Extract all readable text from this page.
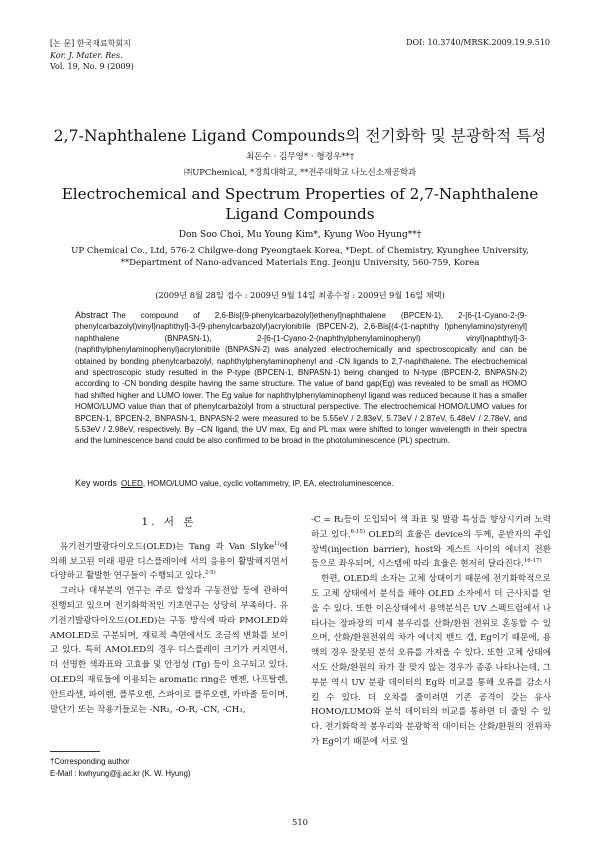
[논 문] 한국재료학회지
Kor. J. Mater. Res.
Vol. 19, No. 9 (2009)
DOI: 10.3740/MRSK.2009.19.9.510
2,7-Naphthalene Ligand Compounds의 전기화학 및 분광학적 특성
최돈수 · 김무영* · 형경우**†
㈜UPChemical, *경희대학교, **전주대학교 나노신소재공학과
Electrochemical and Spectrum Properties of 2,7-Naphthalene Ligand Compounds
Don Soo Choi, Mu Young Kim*, Kyung Woo Hyung**†
UP Chemical Co., Ltd, 576-2 Chilgwe-dong Pyeongtaek Korea, *Dept. of Chemistry, Kyunghee University,
**Department of Nano-advanced Materials Eng. Jeonju University, 560-759, Korea
(2009년 8월 28일 접수 : 2009년 9월 14일 최종수정 : 2009년 9월 16일 채택)
Abstract The compound of 2,6-Bis[(9-phenylcarbazolyl)ethenyl]naphthalene (BPCEN-1), 2-[6-{1-Cyano-2-(9-phenylcarbazolyl)vinyl}naphthyl]-3-(9-phenylcarbazolyl)acrylonitrile (BPCEN-2), 2,6-Bis[(4-(1-naphthy l)phenylamino)styrenyl] naphthalene (BNPASN-1), 2-[6-{1-Cyano-2-(naphthylphenylaminophenyl) vinyl}naphthyl]-3-(naphthylphenylaminophenyl)acrylonitrile (BNPASN-2) was analyzed electrochemically and spectroscopically and can be obtained by bonding phenylcarbazolyl, naphthylphenylaminophenyl and -CN ligands to 2,7-naphthalene. The electrochemical and spectroscopic study resulted in the P-type (BPCEN-1, BNPASN-1) being changed to N-type (BPCEN-2, BNPASN-2) according to -CN bonding despite having the same structure. The value of band gap(Eg) was revealed to be small as HOMO had shifted higher and LUMO lower. The Eg value for naphthylphenylaminophenyl ligand was reduced because it has a smaller HOMO/LUMO value than that of phenylcarbazolyl from a structural perspective. The electrochemical HOMO/LUMO values for BPCEN-1, BPCEN-2, BNPASN-1, BNPASN-2 were measured to be 5.55eV / 2.83eV, 5.73eV / 2.87eV, 5.48eV / 2.78eV, and 5.53eV / 2.98eV, respectively. By –CN ligand, the UV max, Eg and PL max were shifted to longer wavelength in their spectra and the luminescence band could be also confirmed to be broad in the photoluminescence (PL) spectrum.
Key words OLED, HOMO/LUMO value, cyclic voltammetry, IP, EA, electroluminescence.
1. 서 론

유기전기발광다이오드(OLED)는 Tang 과 Van Slyke$^{1)}$에 의해 보고된 이래 평판 디스플레이에 서의 응용이 활발해지면서 다양하고 활발한 연구들이 수행되고 있다.$^{2-5)}$

그러나 대부분의 연구는 주로 합성과 구동전압 등에 관하여 진행되고 있으며 전기화학적인 기초연구는 상당히 부족하다. 유기전기발광다이오드(OLED)는 구동 방식에 따라 PMOLED와 AMOLED로 구분되며, 재료적 측면에서도 조금씩 변화를 보이고 있다. 특히 AMOLED의 경우 디스플레이 크기가 커지면서, 더 선명한 색좌표와 고효율 및 안정성 (Tg) 등이 요구되고 있다. OLED의 재료들에 이용되는 aromatic ring은 벤젠, 나프탈렌, 안트라센, 파이렌, 플루오렌, 스파이로 플루오렌, 카바졸 등이며, 말단기 또는 작용기들로는 -NR₂, -O-R, -CN, -CH₃,

-C = R₂등이 도입되어 색 좌표 및 발광 특성을 향상시키려 노력하고 있다.$^{6-15)}$ OLED의 효율은 device의 두께, 운반자의 주입장벽(injection barrier), host와 게스트 사이의 에너지 전환 등으로 좌우되며, 시스템에 따라 효율은 현저히 달라진다.$^{16-17)}$

한편, OLED의 소자는 고체 상태이기 때문에 전기화학적으로도 고체 상태에서 분석을 해야 OLED 소자에서 더 근사치를 얻을 수 있다. 또한 이온상태에서 용액분석은 UV 스펙트럼에서 나타나는 장파장의 미세 봉우리를 산화/환원 전위로 혼동할 수 있으며, 산화/환원전위의 차가 에너지 밴드 갭, Eg이기 때문에, 용액의 경우 잘못된 분석 오류를 가져올 수 있다. 또한 고체 상태에서도 산화/환원의 차가 잘 맞지 않는 경우가 종종 나타나는데, 그 부분 역시 UV 분광 데이터의 Eg와 비교를 통해 오류를 감소시킬 수 있다. 더 오차를 줄이려면 기존 공격이 갖는 유사 HOMO/LUMO와 분석 데이터의 비교를 통하면 더 줄일 수 있다. 전기화학적 봉우리와 분광학적 데이터는 산화/환원의 전위차가 Eg이기 때문에 서로 일

†Corresponding author
E-Mail : kwhyung@jj.ac.kr (K. W. Hyung)
510
